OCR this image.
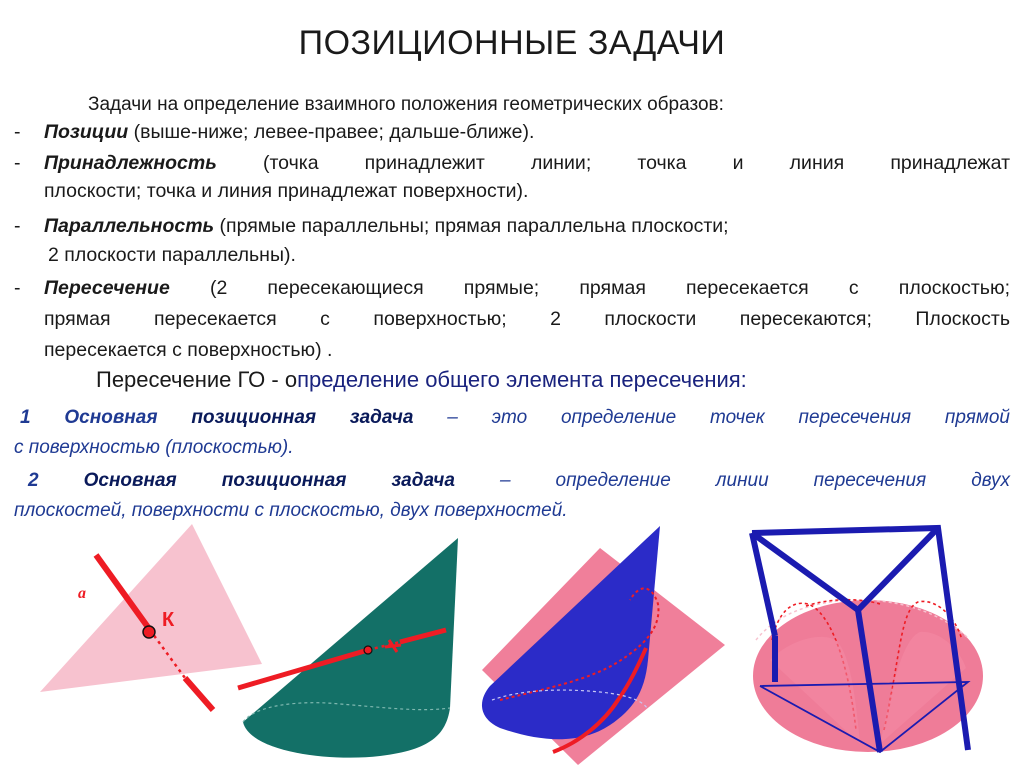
ПОЗИЦИОННЫЕ ЗАДАЧИ
Задачи на определение взаимного положения геометрических образов:
- Позиции (выше-ниже; левее-правее; дальше-ближе).
- Принадлежность (точка принадлежит линии; точка и линия принадлежат
плоскости; точка и линия принадлежат поверхности).
- Параллельность (прямые параллельны; прямая параллельна плоскости;
2 плоскости параллельны).
- Пересечение (2 пересекающиеся прямые; прямая пересекается с плоскостью;
прямая пересекается с поверхностью; 2 плоскости пересекаются; Плоскость
пересекается с поверхностью) .
Пересечение ГО - определение общего элемента пересечения:
1 Основная позиционная задача – это определение точек пересечения прямой
с поверхностью (плоскостью).
2 Основная позиционная задача – определение линии пересечения двух
плоскостей, поверхности с плоскостью, двух поверхностей.
a
К
